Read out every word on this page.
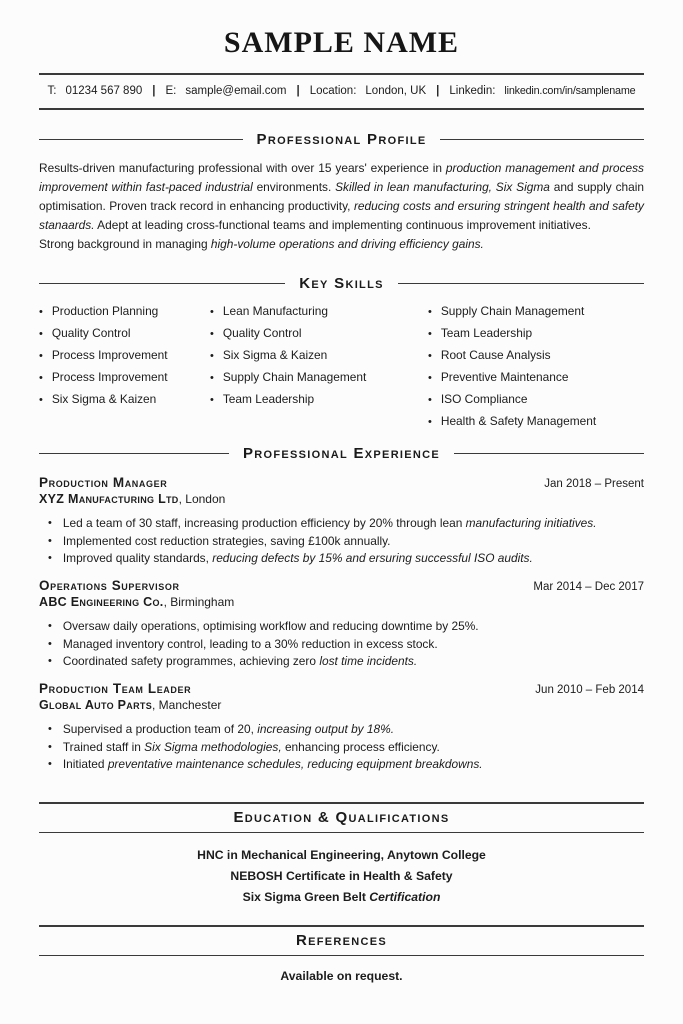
SAMPLE NAME
T: 01234 567 890 | E: sample@email.com | Location: London, UK | Linkedin: linkedin.com/in/samplename
Professional Profile

Results-driven manufacturing professional with over 15 years' experience in production management and process improvement within fast-paced industrial environments. Skilled in lean manufacturing, Six Sigma and supply chain optimisation. Proven track record in enhancing productivity, reducing costs and ersuring stringent health and safety stanaards. Adept at leading cross-functional teams and implementing continuous improvement initiatives.

Strong background in managing high-volume operations and driving efficiency gains.

Key Skills
• Production Planning
• Quality Control
• Process Improvement
• Process Improvement
• Six Sigma & Kaizen
• Lean Manufacturing
• Quality Control
• Six Sigma & Kaizen
• Supply Chain Management
• Team Leadership
• Supply Chain Management
• Team Leadership
• Root Cause Analysis
• Preventive Maintenance
• ISO Compliance
• Health & Safety Management
Professional Experience
Production Manager	Jan 2018 – Present
XYZ Manufacturing Ltd, London
• Led a team of 30 staff, increasing production efficiency by 20% through lean manufacturing initiatives.
• Implemented cost reduction strategies, saving £100k annually.
• Improved quality standards, reducing defects by 15% and ersuring successful ISO audits.
Operations Supervisor	Mar 2014 – Dec 2017
ABC Engineering Co., Birmingham
• Oversaw daily operations, optimising workflow and reducing downtime by 25%.
• Managed inventory control, leading to a 30% reduction in excess stock.
• Coordinated safety programmes, achieving zero lost time incidents.
Production Team Leader	Jun 2010 – Feb 2014
Global Auto Parts, Manchester
• Supervised a production team of 20, increasing output by 18%.
• Trained staff in Six Sigma methodologies, enhancing process efficiency.
• Initiated preventative maintenance schedules, reducing equipment breakdowns.
Education & Qualifications
HNC in Mechanical Engineering, Anytown College
NEBOSH Certificate in Health & Safety
Six Sigma Green Belt Certification
References

Available on request.
